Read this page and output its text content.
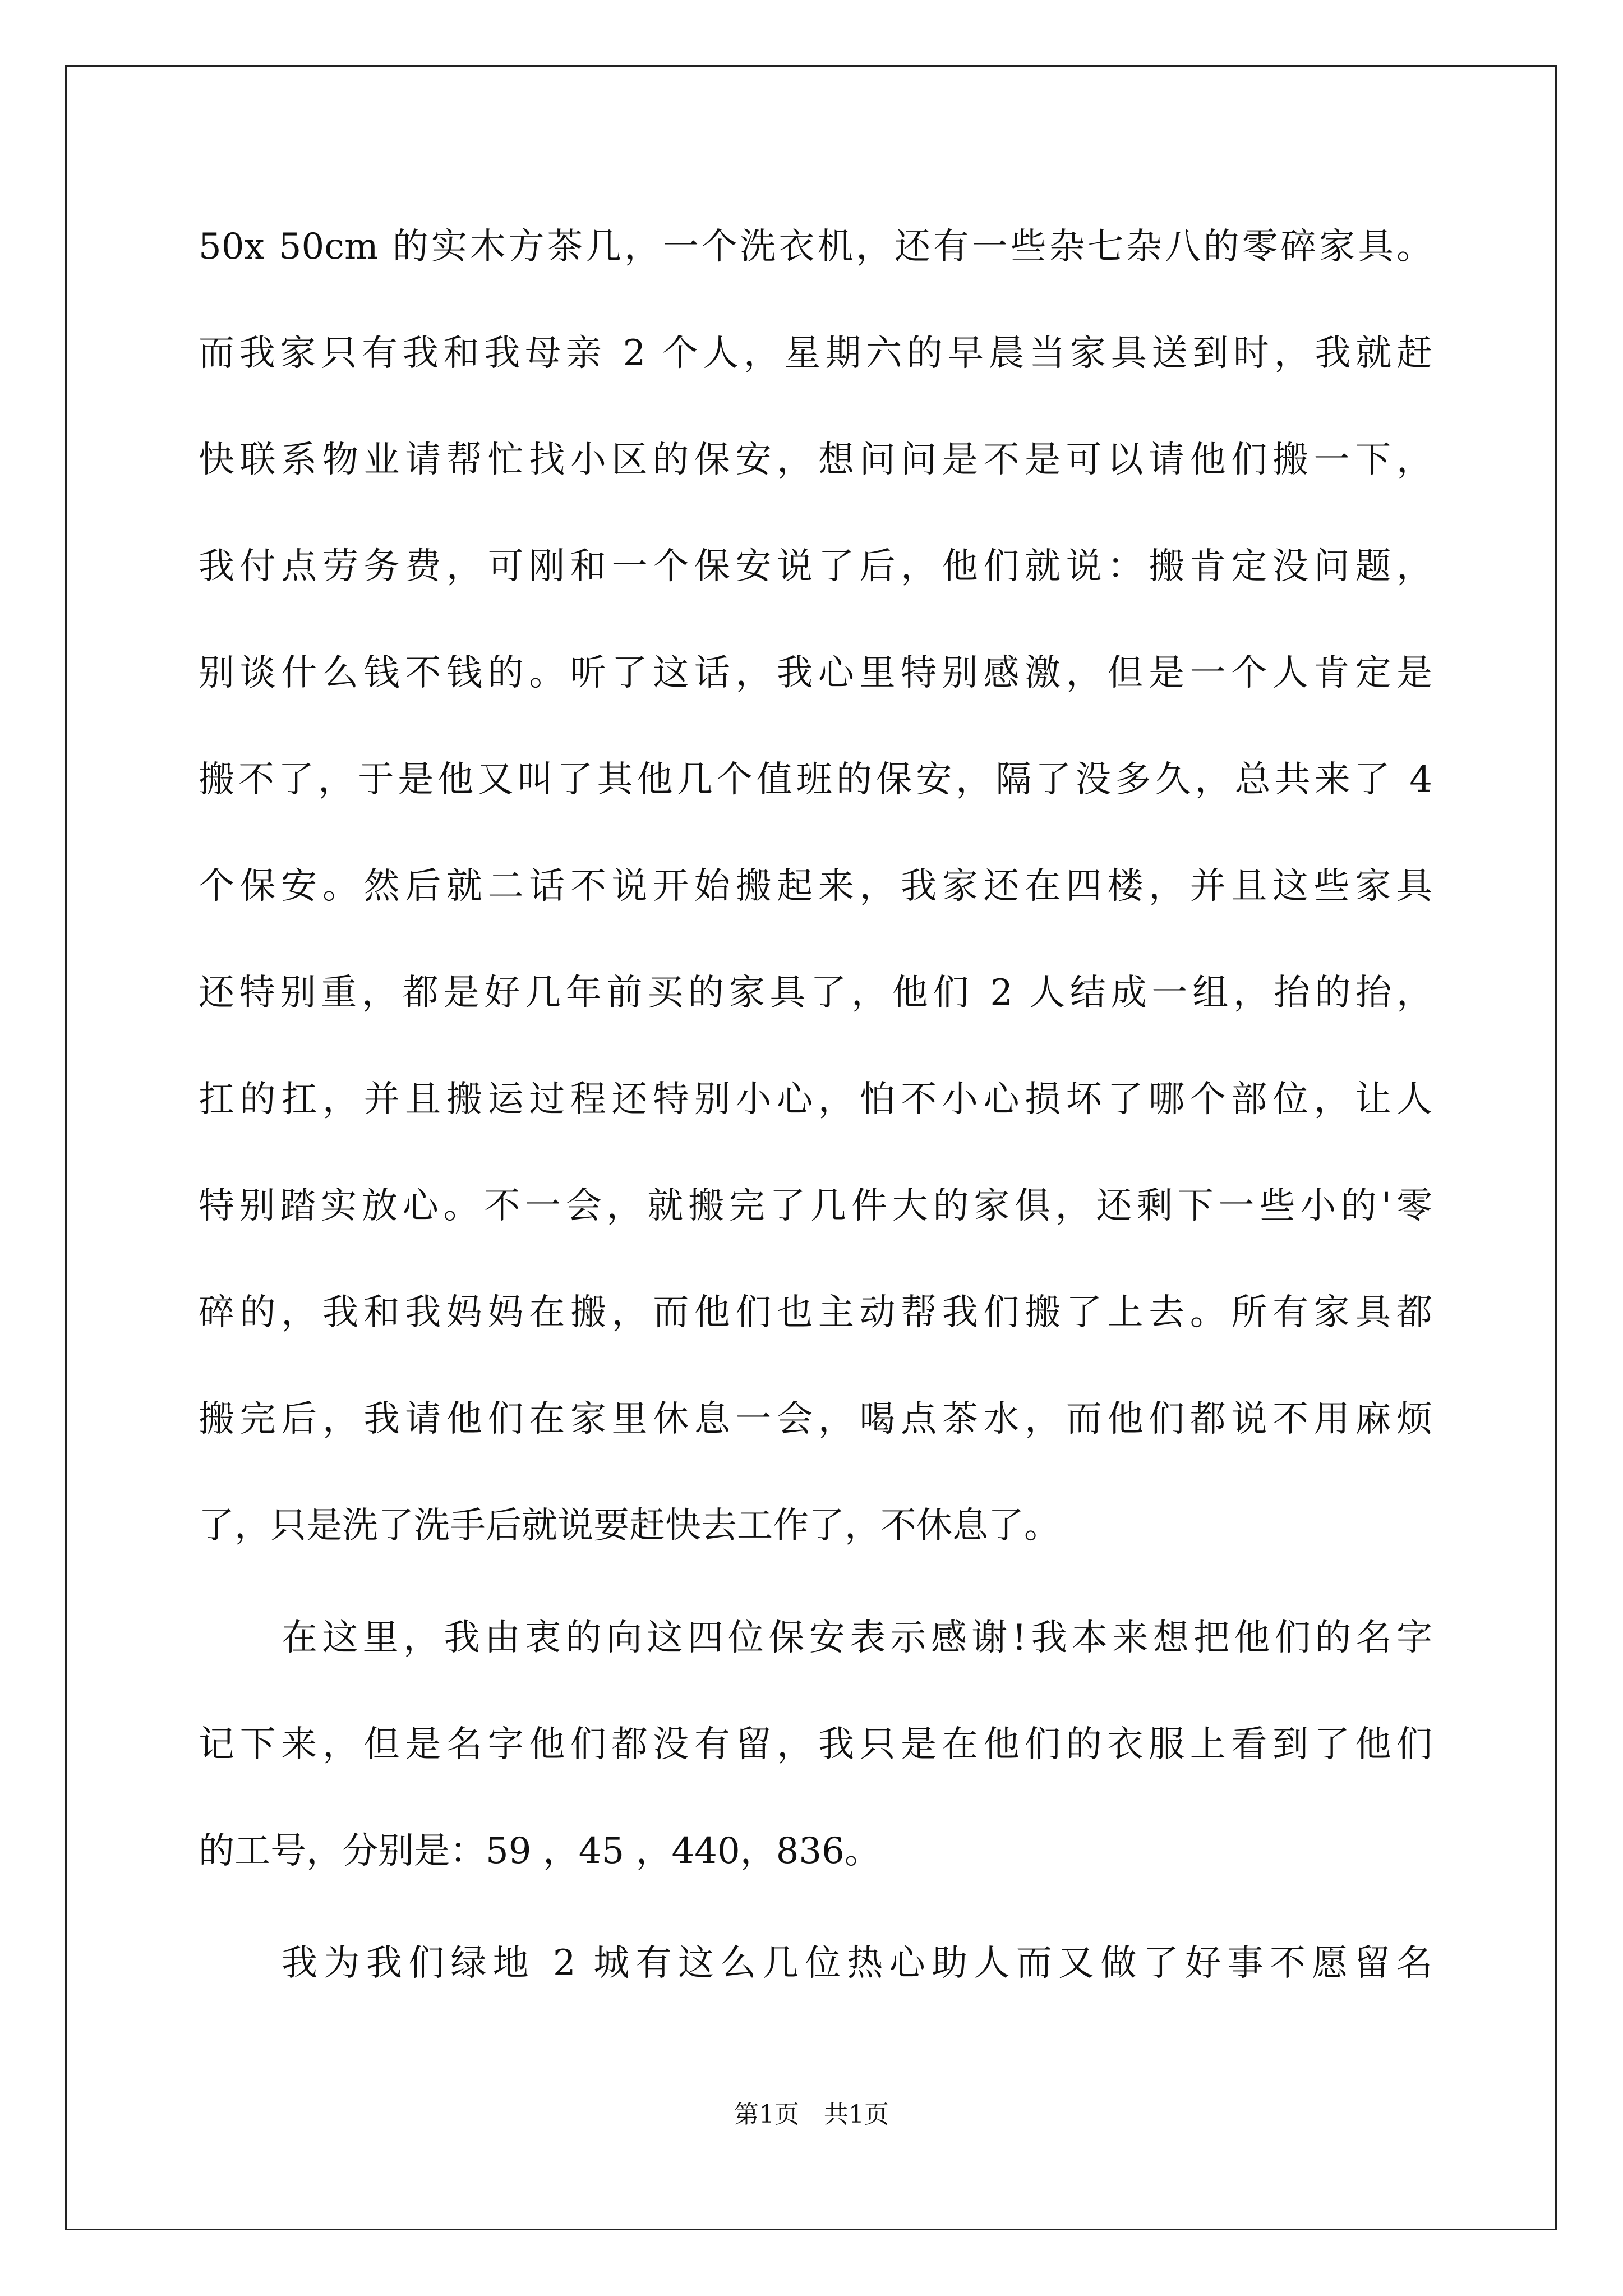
50x 50cm 的实木方茶几，一个洗衣机，还有一些杂七杂八的零碎家具。
而我家只有我和我母亲 2 个人，星期六的早晨当家具送到时，我就赶
快联系物业请帮忙找小区的保安，想问问是不是可以请他们搬一下，
我付点劳务费，可刚和一个保安说了后，他们就说：搬肯定没问题，
别谈什么钱不钱的。听了这话，我心里特别感激，但是一个人肯定是
搬不了，于是他又叫了其他几个值班的保安，隔了没多久，总共来了 4
个保安。然后就二话不说开始搬起来，我家还在四楼，并且这些家具
还特别重，都是好几年前买的家具了，他们 2 人结成一组，抬的抬，
扛的扛，并且搬运过程还特别小心，怕不小心损坏了哪个部位，让人
特别踏实放心。不一会，就搬完了几件大的家俱，还剩下一些小的'零
碎的，我和我妈妈在搬，而他们也主动帮我们搬了上去。所有家具都
搬完后，我请他们在家里休息一会，喝点茶水，而他们都说不用麻烦
了，只是洗了洗手后就说要赶快去工作了，不休息了。
在这里，我由衷的向这四位保安表示感谢!我本来想把他们的名字
记下来，但是名字他们都没有留，我只是在他们的衣服上看到了他们
的工号，分别是：59 ，45 ，440，836。
我为我们绿地 2 城有这么几位热心助人而又做了好事不愿留名
第1页 共1页
